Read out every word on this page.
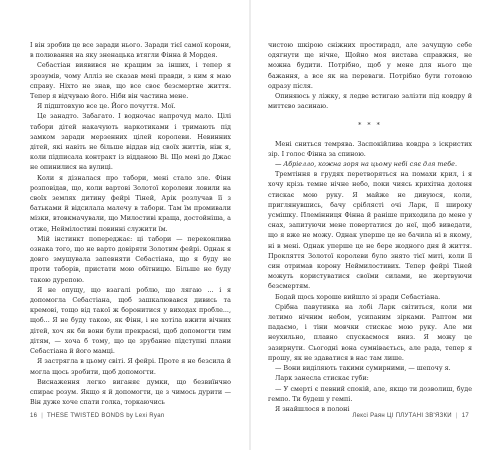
І він зробив це все заради нього. Заради тієї самої корони, в полювання на яку зненацька втягли Фінна й Мордея.

Себастіан виявився не кращим за інших, і тепер я зрозумів, чому Алліз не сказав мені правди, з ким я маю справу. Ніхто не знав, що все своє безсмертне життя. Тепер я відчуваю його. Ніби він частина мене.

Я підштовхую все це. Його почуття. Мої.

Це занадто. Забагато. І водночас напрочуд мало. Цілі табори дітей накачують наркотиками і тримають під замком заради мерзенних цілей королеви. Невинних дітей, які навіть не більше віддав від своїх життів, ніж я, коли підписала контракт із відданою Ві. Що мені до Джас не опинилися на вулиці.

Коли я дізналася про табори, мені стало зле. Фінн розповідав, що, коли вартові Золотої королеви ловили на своїх землях дитину фейрі Тіней, Арік розлучав її з батьками й відсилала малечу в табори. Там їм промивали мізки, втовкмачували, що Милостиві краща, достойніша, а отже, Неймілостиві повинні служити їм.

Мій інстинкт попереджає: ці табори — переконлива ознака того, що не варто довіряти Золотим фейрі. Однак я довго змушувала запевняти Себастіана, що я буду не проти таборів, пристати мою обітницю. Більше не буду такою дурепою.

Я не опущу, що взагалі роблю, що лягаю ... і я допомогла Себастіана, щоб зашкалювався дивись та кремові, тощо від такої ж боронитися у виходах пробле..., щоб... Я не буду такою, як Фінн, і не хотіла вжити вічних дітей, хоч як би вони були прекрасні, щоб допомогти тим дітям, — хоча б тому, що це зрубанне підступні плани Себастіана й його мамці.

Я застрягла в цьому світі. Я фейрі. Проте я не безсила й могла щось зробити, щоб допомогти.

Виснаження легко виганяє думки, що безвиїнчно спирає розум. Якщо я й допомогти, це з чимось дурити — Він дуже хоче спати голка, торкаючись

16 | THESE TWISTED BONDS by Lexi Ryan

чистою шкірою сніжних простирадл, але зачущую себе одягнути ще нічне, Щойно моя вистава справжня, не можна будити. Потрібно, щоб у мене для нього ще бажання, а все як на переваги. Потрібно бути готовою одразу після.

Опиняюсь у ліжку, я ледве встигаю залізти під ковдру й миттєво засинаю.

* * *

Мені сниться темрява. Заспокійлива ковдра з іскристих зір. І голос Фінна за спиною.

— Абріелло, кожна зоря на цьому небі сяє для тебе.

Тремтіння в грудях перетворяться на помахи крил, і я хочу крізь темне нічне небо, поки чиясь крихітна долоня стискає мою руку. Я майже не дивуюся, коли, приглянувшись, бачу сріблясті очі Ларк, її широку усмішку. Племінниця Фінна й раніше приходила до мене у снах, запитуючи мене повертатися до неї, щоб виведати, що я вже не можу. Однак уперше це не бачила ні в якому, ні в мені. Однак уперше це не бере жодного дня й життя. Прокляття Золотої королеви було знято тієї миті, коли її син отримав корону Неймилостивих. Тепер фейрі Тіней можуть користуватися своїми силами, не жертвуючи безсмертям.

Бодай щось хороше вийшло зі зради Себастіана.

Срібна павутинка на лобі Ларк світиться, коли ми летимо нічним небом, усипаним зірками. Раптом ми падаємо, і тіни мовчки стискає мою руку. Але ми неухильно, плавно спускаємося вниз. Я можу це зазирнути. Сьогодні вона сумніваєтьсь, але рада, тепер я прошу, як не здаватися в нас там лише.

— Вони виділяють такими сумирними, — шепочу я.

Ларк занесла стискає губи:

— У смерті є певний спокій, але, якщо ти дозволиш, буде гемпо. Ти будеш у гемпі.

Я знайшлося в полоні

Лексі Раян ЦІ ПЛУТАНІ ЗВ'ЯЗКИ | 17
